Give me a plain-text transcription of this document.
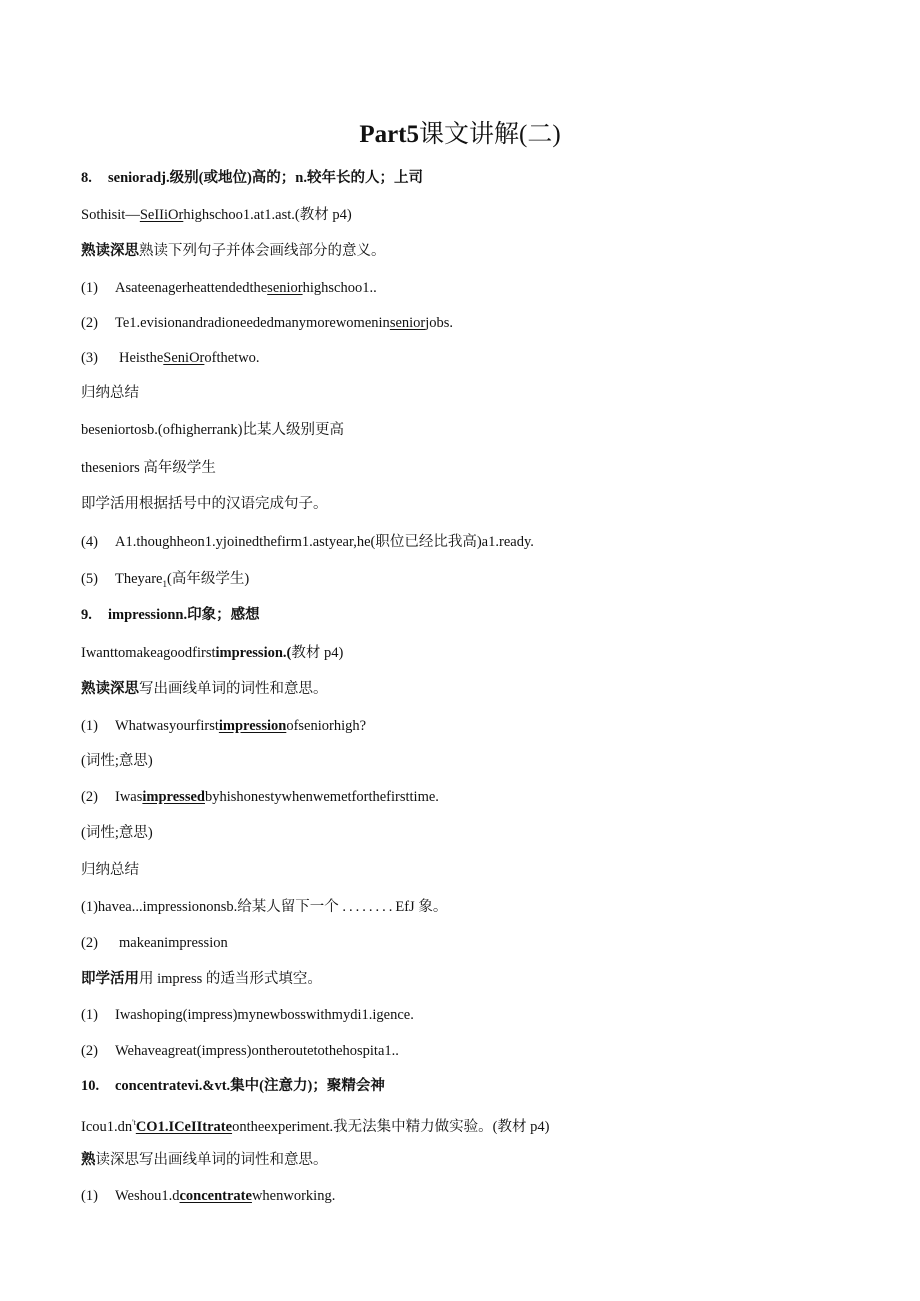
Part5课文讲解(二)
8. senioradj.级别(或地位)高的；n.较年长的人；上司
Sothisit—SeIIiOrhighschoo1.at1.ast.(教材 p4)
熟读深思熟读下列句子并体会画线部分的意义。
(1) Asateenagerheattendedtheseniorhighschoo1..
(2) Te1.evisionandradioneededmanymorewomeninseniorjobs.
(3) HeistheSeniOrofthetwo.
归纳总结
beseniortosb.(ofhigherrank)比某人级别更高
theseniors 高年级学生
即学活用根据括号中的汉语完成句子。
(4) A1.thoughheon1.yjoinedthefirm1.astyear,he(职位已经比我高)a1.ready.
(5) Theyare$_1$(高年级学生)
9. impressionn.印象；感想
Iwanttomakeagoodfirstimpression.(教材 p4)
熟读深思写出画线单词的词性和意思。
(1) Whatwasyourfirstimpressionofseniorhigh?
(词性;意思)
(2) Iwasimpressedbyhishonestywhenwemetforthefirsttime.
(词性;意思)
归纳总结
(1)havea...impressiononsb.给某人留下一个 ........EfJ 象。
(2) makeanimpression
即学活用用 impress 的适当形式填空。
(1) Iwashoping(impress)mynewbosswithmydi1.igence.
(2) Wehaveagreat(impress)ontheroutetothehospita1..
10. concentratevi.&vt.集中(注意力)；聚精会神
$Icou1.dn^{'t}CO1.ICeIItrateontheexperiment$.我无法集中精力做实验。(教材 p4)
熟读深思写出画线单词的词性和意思。
(1) Weshou1.dconcentratewhenworking.
